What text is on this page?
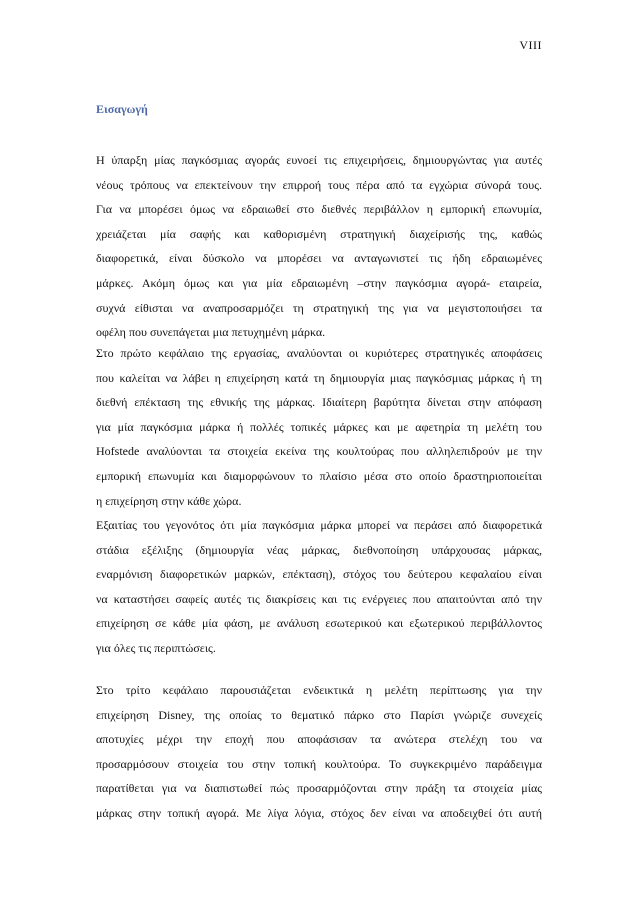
VIII
Εισαγωγή
Η ύπαρξη μίας παγκόσμιας αγοράς ευνοεί τις επιχειρήσεις, δημιουργώντας για αυτές
νέους τρόπους να επεκτείνουν την επιρροή τους πέρα από τα εγχώρια σύνορά τους.
Για να μπορέσει όμως να εδραιωθεί στο διεθνές περιβάλλον η εμπορική επωνυμία,
χρειάζεται μία σαφής και καθορισμένη στρατηγική διαχείρισής της, καθώς
διαφορετικά, είναι δύσκολο να μπορέσει να ανταγωνιστεί τις ήδη εδραιωμένες
μάρκες. Ακόμη όμως και για μία εδραιωμένη –στην παγκόσμια αγορά- εταιρεία,
συχνά είθισται να αναπροσαρμόζει τη στρατηγική της για να μεγιστοποιήσει τα
οφέλη που συνεπάγεται μια πετυχημένη μάρκα.
Στο πρώτο κεφάλαιο της εργασίας, αναλύονται οι κυριότερες στρατηγικές αποφάσεις
που καλείται να λάβει η επιχείρηση κατά τη δημιουργία μιας παγκόσμιας μάρκας ή τη
διεθνή επέκταση της εθνικής της μάρκας. Ιδιαίτερη βαρύτητα δίνεται στην απόφαση
για μία παγκόσμια μάρκα ή πολλές τοπικές μάρκες και με αφετηρία τη μελέτη του
Hofstede αναλύονται τα στοιχεία εκείνα της κουλτούρας που αλληλεπιδρούν με την
εμπορική επωνυμία και διαμορφώνουν το πλαίσιο μέσα στο οποίο δραστηριοποιείται
η επιχείρηση στην κάθε χώρα.
Εξαιτίας του γεγονότος ότι μία παγκόσμια μάρκα μπορεί να περάσει από διαφορετικά
στάδια εξέλιξης (δημιουργία νέας μάρκας, διεθνοποίηση υπάρχουσας μάρκας,
εναρμόνιση διαφορετικών μαρκών, επέκταση), στόχος του δεύτερου κεφαλαίου είναι
να καταστήσει σαφείς αυτές τις διακρίσεις και τις ενέργειες που απαιτούνται από την
επιχείρηση σε κάθε μία φάση, με ανάλυση εσωτερικού και εξωτερικού περιβάλλοντος
για όλες τις περιπτώσεις.
Στο τρίτο κεφάλαιο παρουσιάζεται ενδεικτικά η μελέτη περίπτωσης για την
επιχείρηση Disney, της οποίας το θεματικό πάρκο στο Παρίσι γνώριζε συνεχείς
αποτυχίες μέχρι την εποχή που αποφάσισαν τα ανώτερα στελέχη του να
προσαρμόσουν στοιχεία του στην τοπική κουλτούρα. Το συγκεκριμένο παράδειγμα
παρατίθεται για να διαπιστωθεί πώς προσαρμόζονται στην πράξη τα στοιχεία μίας
μάρκας στην τοπική αγορά. Με λίγα λόγια, στόχος δεν είναι να αποδειχθεί ότι αυτή
